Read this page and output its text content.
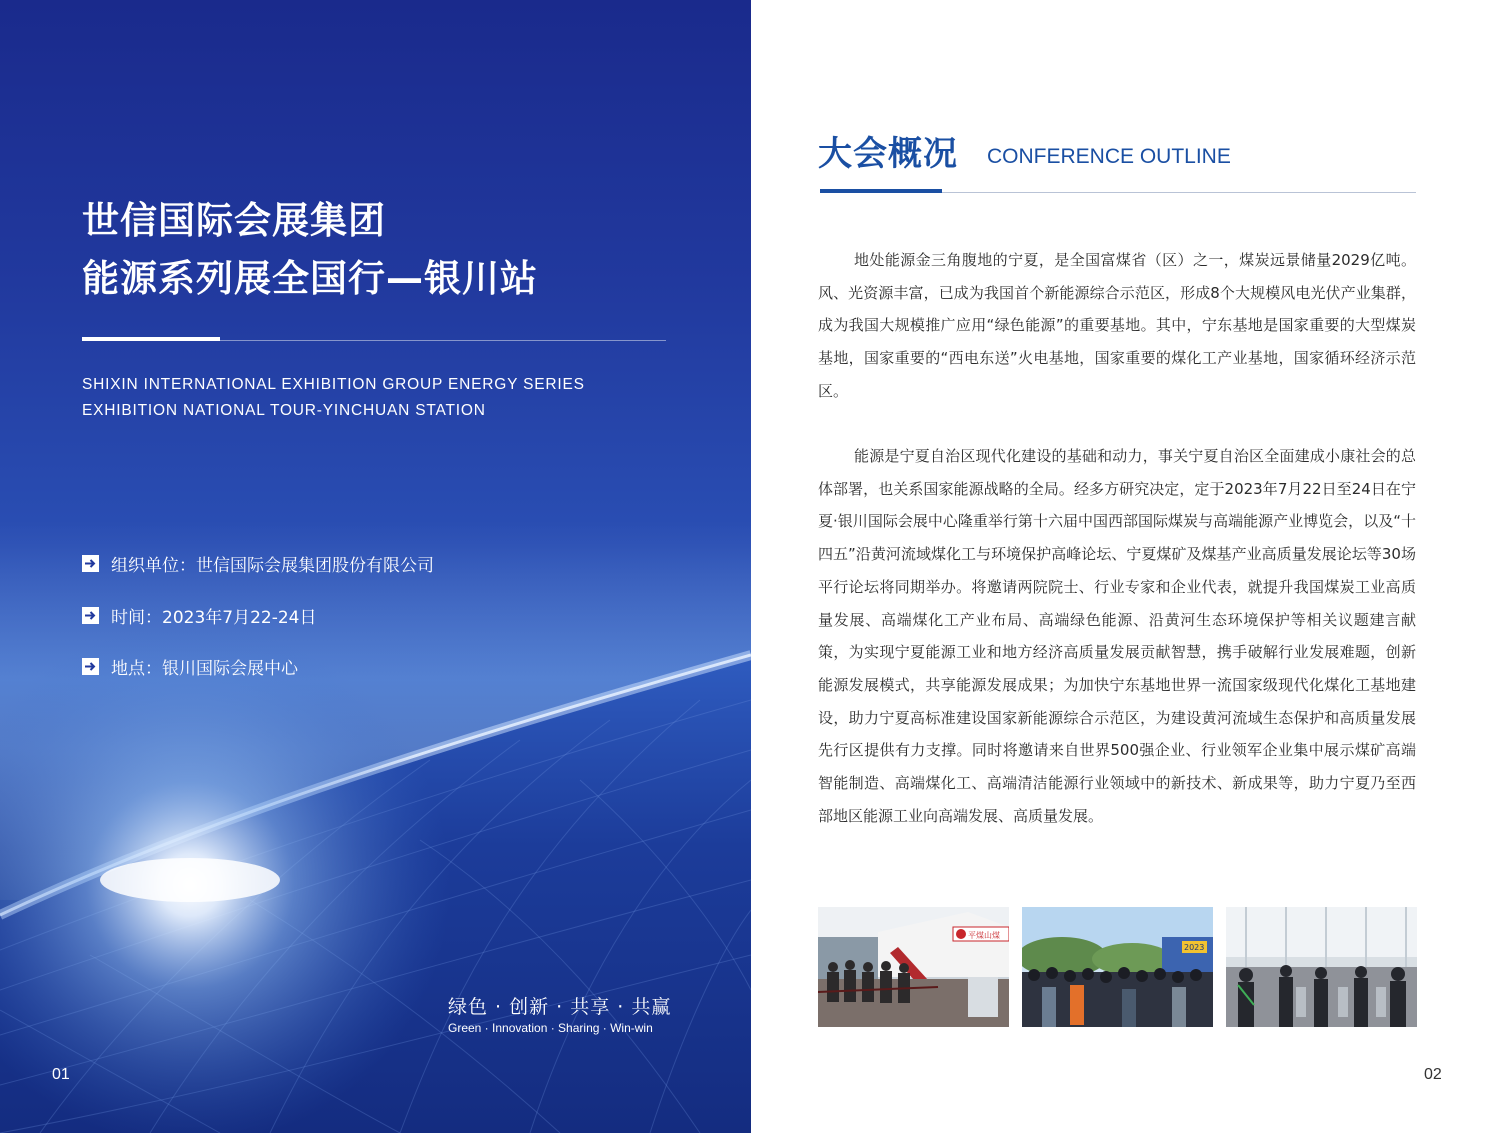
世信国际会展集团
能源系列展全国行—银川站
SHIXIN INTERNATIONAL EXHIBITION GROUP ENERGY SERIES
EXHIBITION NATIONAL TOUR-YINCHUAN STATION
组织单位：世信国际会展集团股份有限公司
时间：2023年7月22-24日
地点：银川国际会展中心
绿色 · 创新 · 共享 · 共赢
Green · Innovation · Sharing · Win-win
01
大会概况 CONFERENCE OUTLINE

地处能源金三角腹地的宁夏，是全国富煤省（区）之一，煤炭远景储量2029亿吨。风、光资源丰富，已成为我国首个新能源综合示范区，形成8个大规模风电光伏产业集群，成为我国大规模推广应用“绿色能源”的重要基地。其中，宁东基地是国家重要的大型煤炭基地，国家重要的“西电东送”火电基地，国家重要的煤化工产业基地，国家循环经济示范区。

能源是宁夏自治区现代化建设的基础和动力，事关宁夏自治区全面建成小康社会的总体部署，也关系国家能源战略的全局。经多方研究决定，定于2023年7月22日至24日在宁夏·银川国际会展中心隆重举行第十六届中国西部国际煤炭与高端能源产业博览会，以及“十四五”沿黄河流域煤化工与环境保护高峰论坛、宁夏煤矿及煤基产业高质量发展论坛等30场平行论坛将同期举办。将邀请两院院士、行业专家和企业代表，就提升我国煤炭工业高质量发展、高端煤化工产业布局、高端绿色能源、沿黄河生态环境保护等相关议题建言献策，为实现宁夏能源工业和地方经济高质量发展贡献智慧，携手破解行业发展难题，创新能源发展模式，共享能源发展成果；为加快宁东基地世界一流国家级现代化煤化工基地建设，助力宁夏高标准建设国家新能源综合示范区，为建设黄河流域生态保护和高质量发展先行区提供有力支撑。同时将邀请来自世界500强企业、行业领军企业集中展示煤矿高端智能制造、高端煤化工、高端清洁能源行业领域中的新技术、新成果等，助力宁夏乃至西部地区能源工业向高端发展、高质量发展。

平煤山煤
2023
02
